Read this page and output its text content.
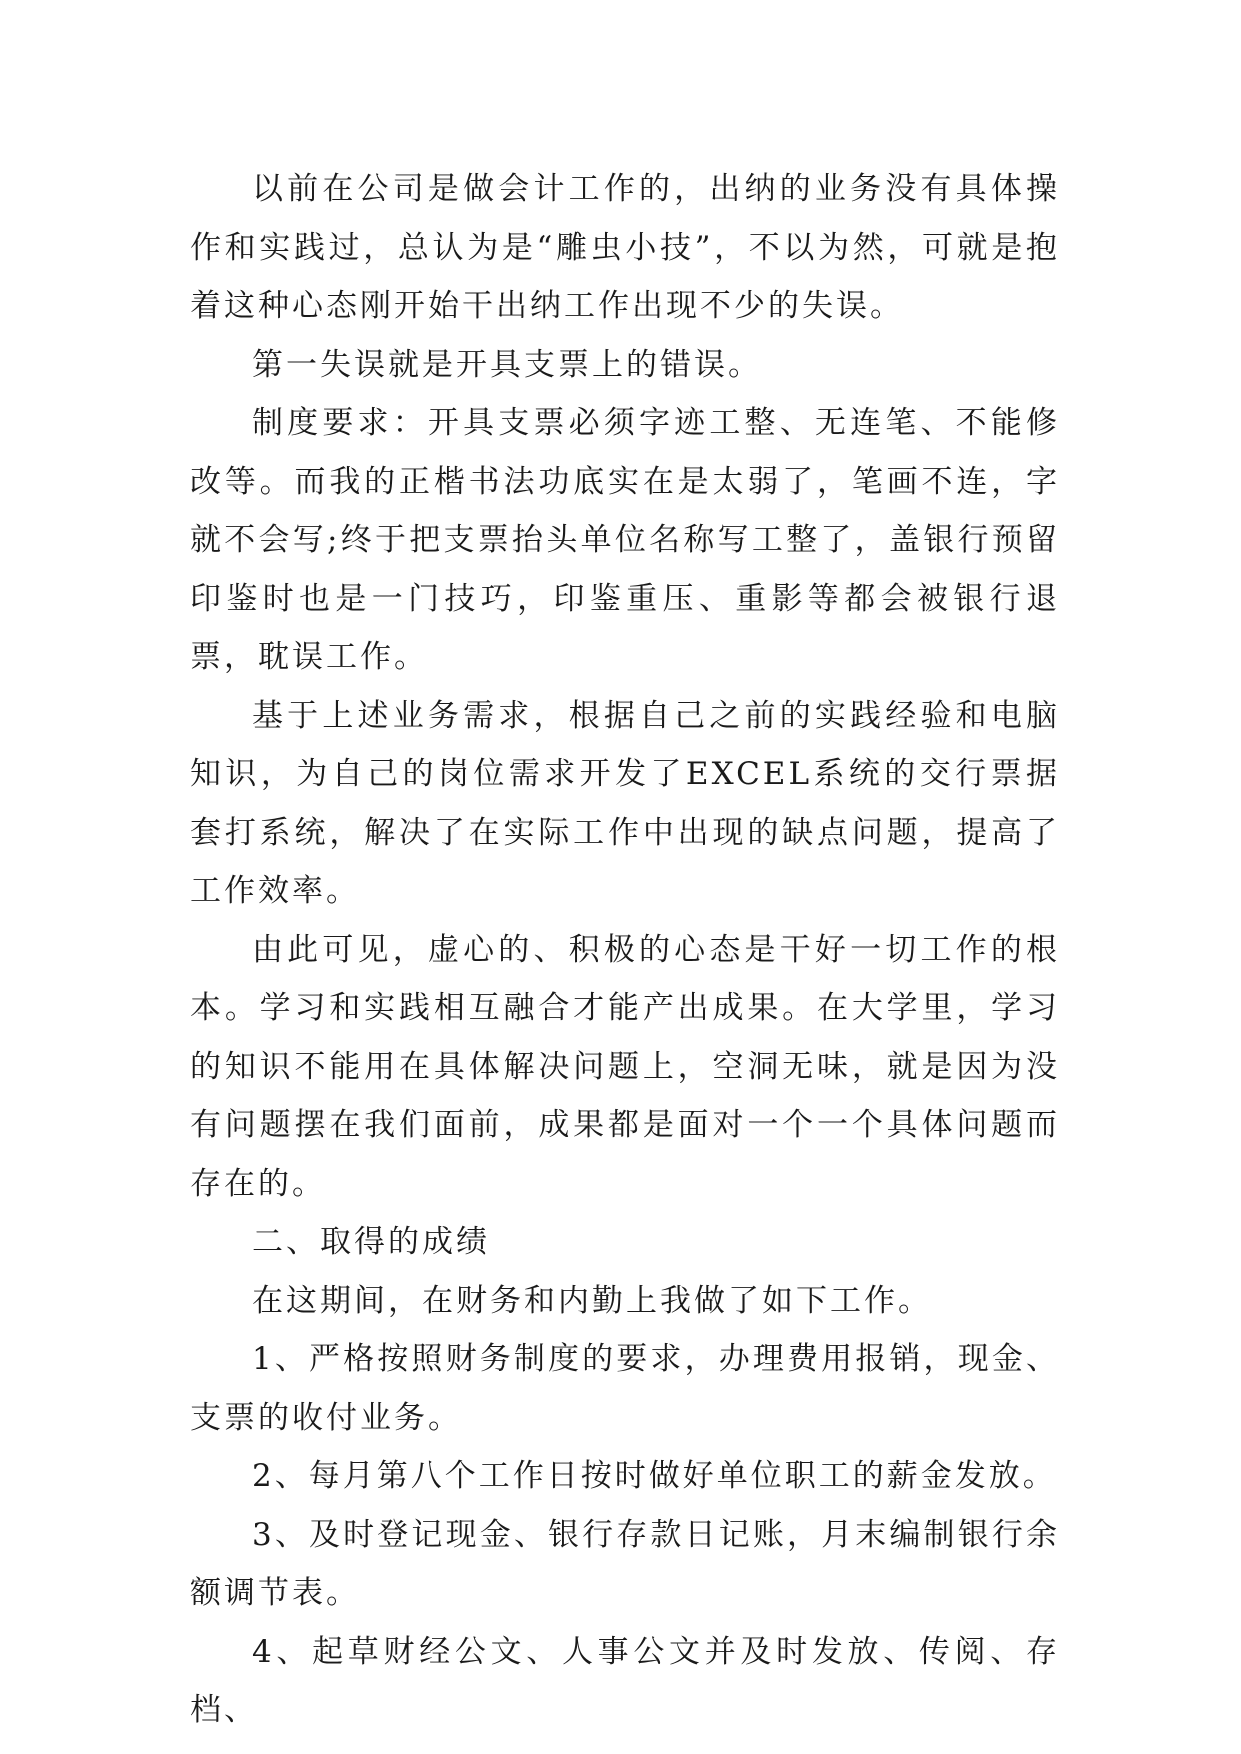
以前在公司是做会计工作的，出纳的业务没有具体操作和实践过，总认为是“雕虫小技”，不以为然，可就是抱着这种心态刚开始干出纳工作出现不少的失误。

第一失误就是开具支票上的错误。

制度要求：开具支票必须字迹工整、无连笔、不能修改等。而我的正楷书法功底实在是太弱了，笔画不连，字就不会写;终于把支票抬头单位名称写工整了，盖银行预留印鉴时也是一门技巧，印鉴重压、重影等都会被银行退票，耽误工作。

基于上述业务需求，根据自己之前的实践经验和电脑知识，为自己的岗位需求开发了EXCEL系统的交行票据套打系统，解决了在实际工作中出现的缺点问题，提高了工作效率。

由此可见，虚心的、积极的心态是干好一切工作的根本。学习和实践相互融合才能产出成果。在大学里，学习的知识不能用在具体解决问题上，空洞无味，就是因为没有问题摆在我们面前，成果都是面对一个一个具体问题而存在的。

二、取得的成绩

在这期间，在财务和内勤上我做了如下工作。

1、严格按照财务制度的要求，办理费用报销，现金、支票的收付业务。

2、每月第八个工作日按时做好单位职工的薪金发放。

3、及时登记现金、银行存款日记账，月末编制银行余额调节表。

4、起草财经公文、人事公文并及时发放、传阅、存档、
